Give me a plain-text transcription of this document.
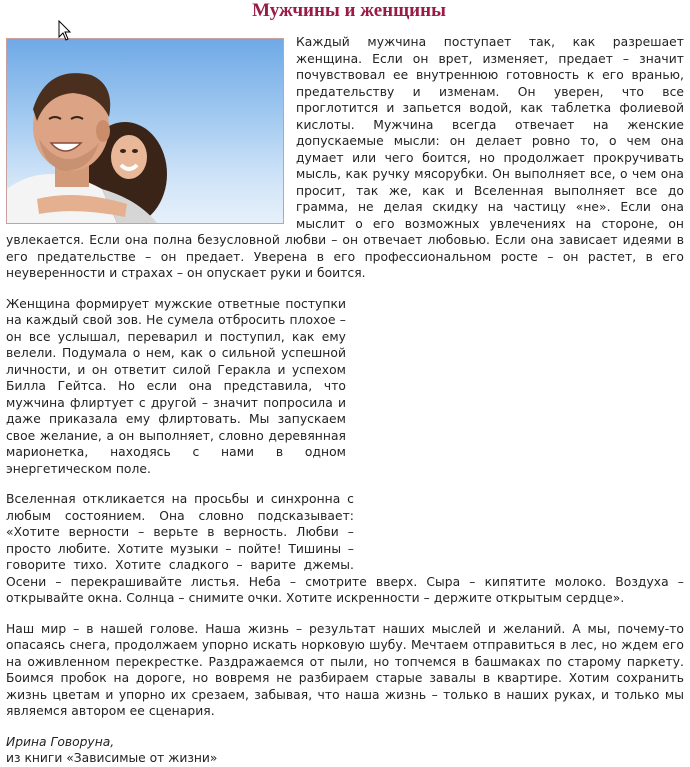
Мужчины и женщины

Каждый мужчина поступает так, как разрешает женщина. Если он врет, изменяет, предает – значит почувствовал ее внутреннюю готовность к его вранью, предательству и изменам. Он уверен, что все проглотится и запьется водой, как таблетка фолиевой кислоты. Мужчина всегда отвечает на женские допускаемые мысли: он делает ровно то, о чем она думает или чего боится, но продолжает прокручивать мысль, как ручку мясорубки. Он выполняет все, о чем она просит, так же, как и Вселенная выполняет все до грамма, не делая скидку на частицу «не». Если она мыслит о его возможных увлечениях на стороне, он увлекается. Если она полна безусловной любви – он отвечает любовью. Если она зависает идеями в его предательстве – он предает. Уверена в его профессиональном росте – он растет, в его неуверенности и страхах – он опускает руки и боится.

Женщина формирует мужские ответные поступки на каждый свой зов. Не сумела отбросить плохое – он все услышал, переварил и поступил, как ему велели. Подумала о нем, как о сильной успешной личности, и он ответит силой Геракла и успехом Билла Гейтса. Но если она представила, что мужчина флиртует с другой – значит попросила и даже приказала ему флиртовать. Мы запускаем свое желание, а он выполняет, словно деревянная марионетка, находясь с нами в одном энергетическом поле.

Вселенная откликается на просьбы и синхронна с любым состоянием. Она словно подсказывает: «Хотите верности – верьте в верность. Любви – просто любите. Хотите музыки – пойте! Тишины – говорите тихо. Хотите сладкого – варите джемы. Осени – перекрашивайте листья. Неба – смотрите вверх. Сыра – кипятите молоко. Воздуха – открывайте окна. Солнца – снимите очки. Хотите искренности – держите открытым сердце».

Наш мир – в нашей голове. Наша жизнь – результат наших мыслей и желаний. А мы, почему-то опасаясь снега, продолжаем упорно искать норковую шубу. Мечтаем отправиться в лес, но ждем его на оживленном перекрестке. Раздражаемся от пыли, но топчемся в башмаках по старому паркету. Боимся пробок на дороге, но вовремя не разбираем старые завалы в квартире. Хотим сохранить жизнь цветам и упорно их срезаем, забывая, что наша жизнь – только в наших руках, и только мы являемся автором ее сценария.

Ирина Говоруна,
из книги «Зависимые от жизни»
